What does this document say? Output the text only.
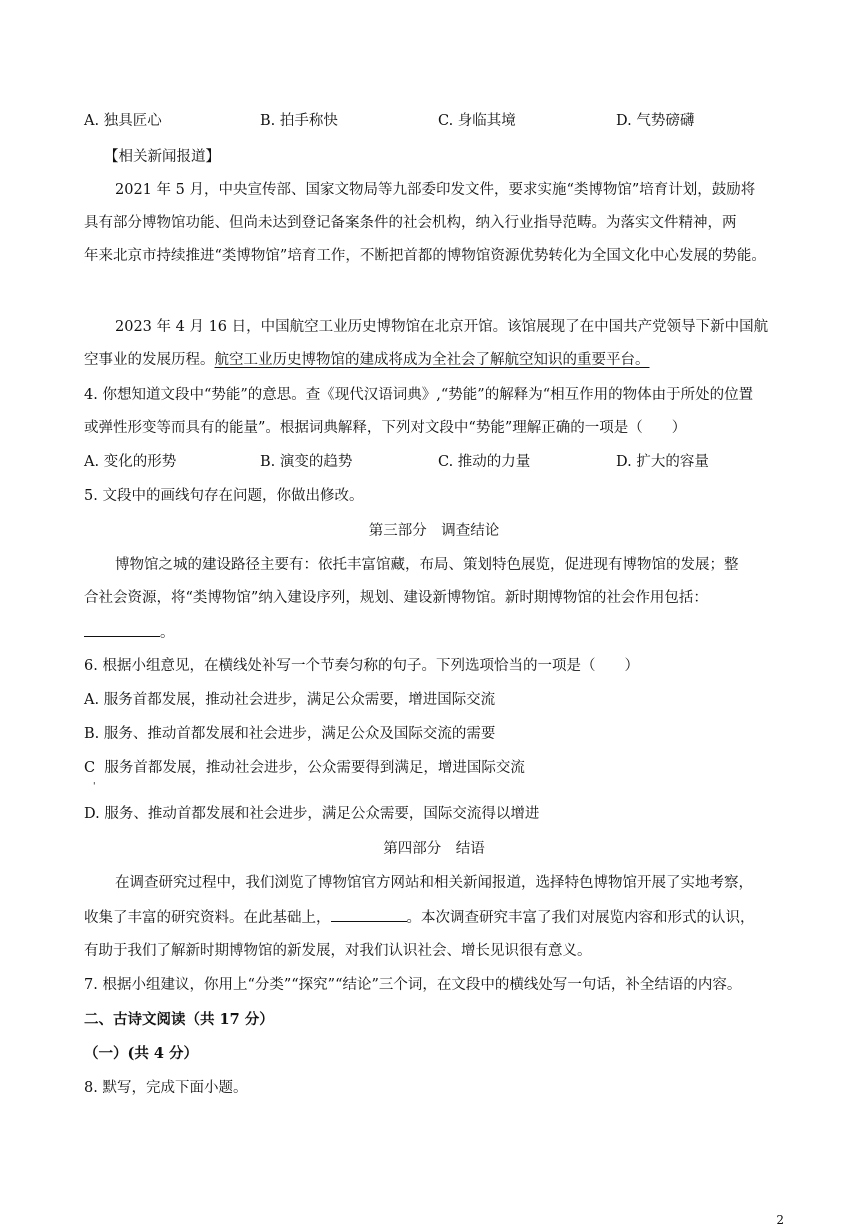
A. 独具匠心	B. 拍手称快	C. 身临其境	D. 气势磅礴
【相关新闻报道】
2021 年 5 月，中央宣传部、国家文物局等九部委印发文件，要求实施“类博物馆”培育计划，鼓励将
具有部分博物馆功能、但尚未达到登记备案条件的社会机构，纳入行业指导范畴。为落实文件精神，两
年来北京市持续推进“类博物馆”培育工作，不断把首都的博物馆资源优势转化为全国文化中心发展的势能。
2023 年 4 月 16 日，中国航空工业历史博物馆在北京开馆。该馆展现了在中国共产党领导下新中国航
空事业的发展历程。航空工业历史博物馆的建成将成为全社会了解航空知识的重要平台。
4. 你想知道文段中“势能”的意思。查《现代汉语词典》,“势能”的解释为“相互作用的物体由于所处的位置
或弹性形变等而具有的能量”。根据词典解释，下列对文段中“势能”理解正确的一项是（　　）
A. 变化的形势	B. 演变的趋势	C. 推动的力量	D. 扩大的容量
5. 文段中的画线句存在问题，你做出修改。
第三部分　调查结论
博物馆之城的建设路径主要有：依托丰富馆藏，布局、策划特色展览，促进现有博物馆的发展；整
合社会资源，将“类博物馆”纳入建设序列，规划、建设新博物馆。新时期博物馆的社会作用包括：
。
6. 根据小组意见，在横线处补写一个节奏匀称的句子。下列选项恰当的一项是（　　）
A. 服务首都发展，推动社会进步，满足公众需要，增进国际交流
B. 服务、推动首都发展和社会进步，满足公众及国际交流的需要
C 服务首都发展，推动社会进步，公众需要得到满足，增进国际交流
'
D. 服务、推动首都发展和社会进步，满足公众需要，国际交流得以增进
第四部分　结语
在调查研究过程中，我们浏览了博物馆官方网站和相关新闻报道，选择特色博物馆开展了实地考察，
收集了丰富的研究资料。在此基础上，	。本次调查研究丰富了我们对展览内容和形式的认识，
有助于我们了解新时期博物馆的新发展，对我们认识社会、增长见识很有意义。
7. 根据小组建议，你用上“分类”“探究”“结论”三个词，在文段中的横线处写一句话，补全结语的内容。
二、古诗文阅读（共 17 分）
（一）(共 4 分）
8. 默写，完成下面小题。
2
